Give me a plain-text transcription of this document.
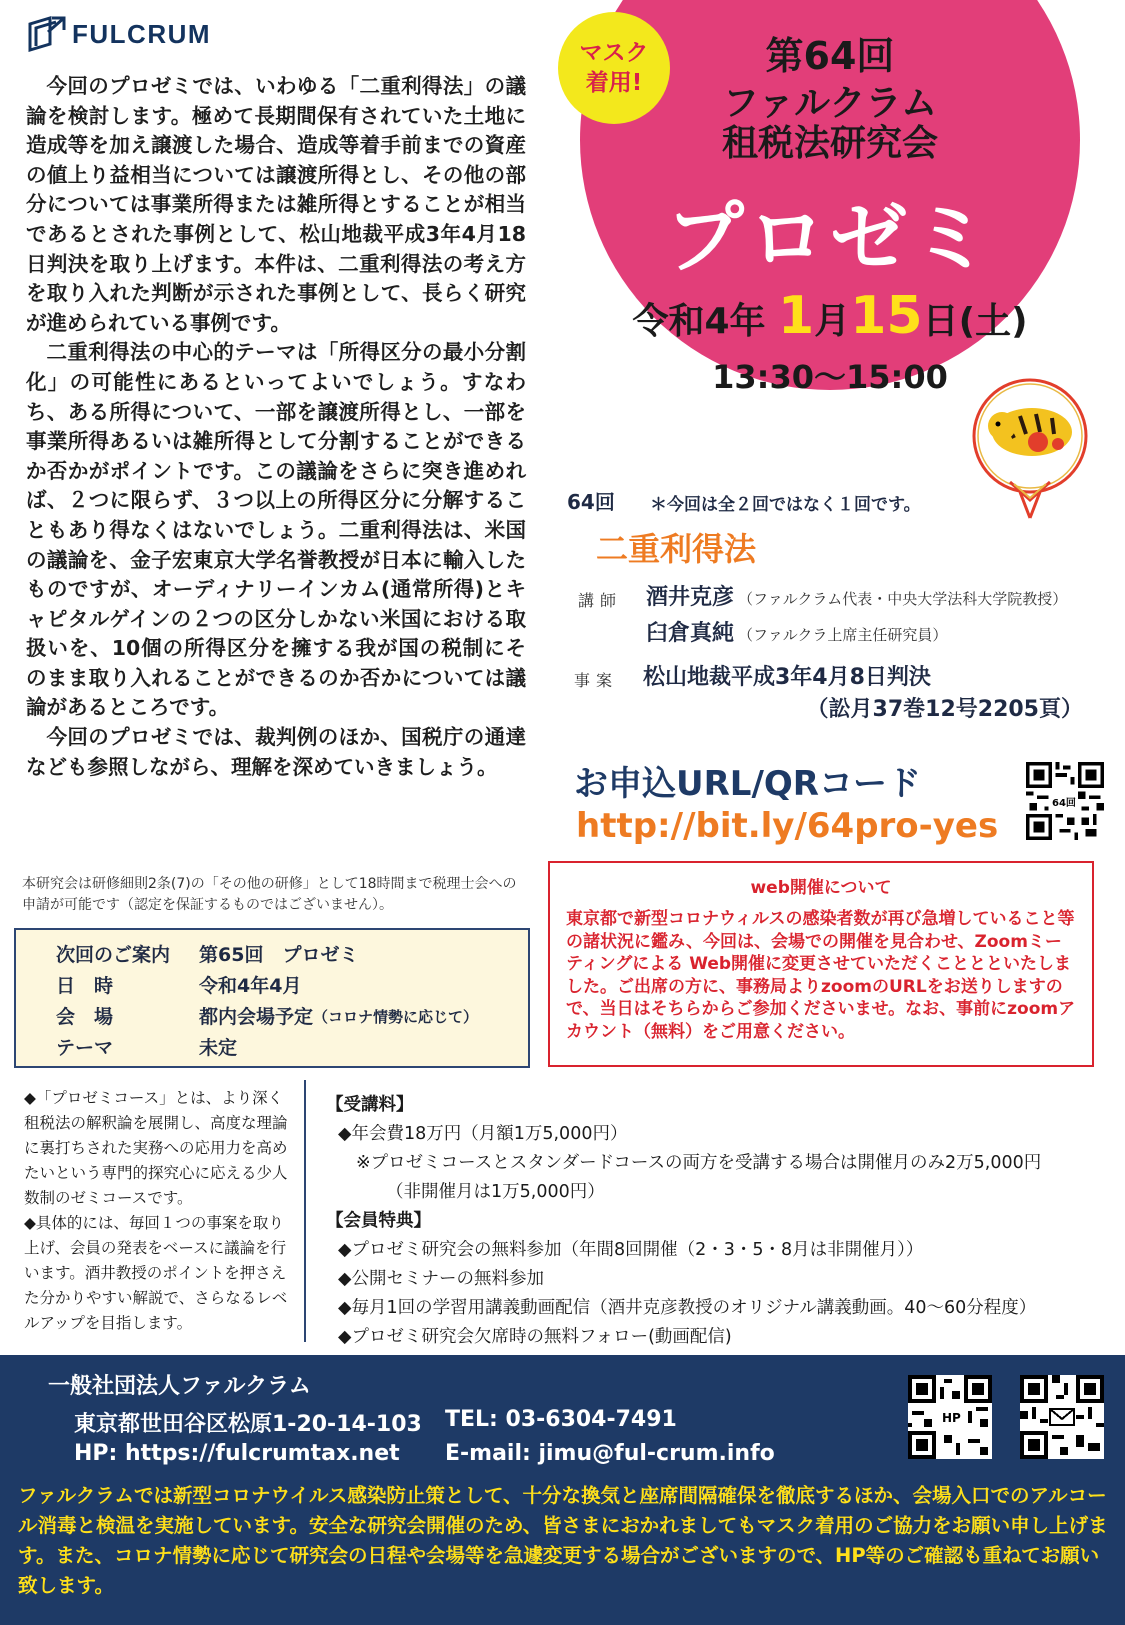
FULCRUM

今回のプロゼミでは、いわゆる「二重利得法」の議論を検討します。極めて長期間保有されていた土地に造成等を加え譲渡した場合、造成等着手前までの資産の値上り益相当については譲渡所得とし、その他の部分については事業所得または雑所得とすることが相当であるとされた事例として、松山地裁平成3年4月18日判決を取り上げます。本件は、二重利得法の考え方を取り入れた判断が示された事例として、長らく研究が進められている事例です。

二重利得法の中心的テーマは「所得区分の最小分割化」の可能性にあるといってよいでしょう。すなわち、ある所得について、一部を譲渡所得とし、一部を事業所得あるいは雑所得として分割することができるか否かがポイントです。この議論をさらに突き進めれば、２つに限らず、３つ以上の所得区分に分解することもあり得なくはないでしょう。二重利得法は、米国の議論を、金子宏東京大学名誉教授が日本に輸入したものですが、オーディナリーインカム(通常所得)とキャピタルゲインの２つの区分しかない米国における取扱いを、10個の所得区分を擁する我が国の税制にそのまま取り入れることができるのか否かについては議論があるところです。

今回のプロゼミでは、裁判例のほか、国税庁の通達なども参照しながら、理解を深めていきましょう。

本研究会は研修細則2条(7)の「その他の研修」として18時間まで税理士会への申請が可能です（認定を保証するものではございません）。
次回のご案内	第65回　プロゼミ
日　時	令和4年4月
会　場	都内会場予定 （コロナ情勢に応じて）
テーマ	未定
第64回
ファルクラム
租税法研究会
プロゼミ
令和4年 1月15日(土)
13:30～15:00
マスク
着用!
64回 ＊今回は全２回ではなく１回です。
二重利得法
講師 酒井克彦 （ファルクラム代表・中央大学法科大学院教授）
臼倉真純 （ファルクラ上席主任研究員）
事案 松山地裁平成3年4月8日判決
（訟月37巻12号2205頁）
お申込URL/QRコード
http://bit.ly/64pro-yes
64回
web開催について
東京都で新型コロナウィルスの感染者数が再び急増していること等の諸状況に鑑み、今回は、会場での開催を見合わせ、Zoomミーティングによる Web開催に変更させていただくこととといたしました。ご出席の方に、事務局よりzoomのURLをお送りしますので、当日はそちらからご参加くださいませ。なお、事前にzoomアカウント（無料）をご用意ください。

◆「プロゼミコース」とは、より深く租税法の解釈論を展開し、高度な理論に裏打ちされた実務への応用力を高めたいという専門的探究心に応える少人数制のゼミコースです。

◆具体的には、毎回１つの事案を取り上げ、会員の発表をベースに議論を行います。酒井教授のポイントを押さえた分かりやすい解説で、さらなるレベルアップを目指します。

【受講料】
◆年会費18万円（月額1万5,000円）
※プロゼミコースとスタンダードコースの両方を受講する場合は開催月のみ2万5,000円
（非開催月は1万5,000円）
【会員特典】
◆プロゼミ研究会の無料参加（年間8回開催（2・3・5・8月は非開催月））
◆公開セミナーの無料参加
◆毎月1回の学習用講義動画配信（酒井克彦教授のオリジナル講義動画。40～60分程度）
◆プロゼミ研究会欠席時の無料フォロー(動画配信)
一般社団法人ファルクラム
東京都世田谷区松原1-20-14-103 TEL: 03-6304-7491
HP: https://fulcrumtax.net E-mail: jimu@ful-crum.info
HP
ファルクラムでは新型コロナウイルス感染防止策として、十分な換気と座席間隔確保を徹底するほか、会場入口でのアルコール消毒と検温を実施しています。安全な研究会開催のため、皆さまにおかれましてもマスク着用のご協力をお願い申し上げます。また、コロナ情勢に応じて研究会の日程や会場等を急遽変更する場合がございますので、HP等のご確認も重ねてお願い致します。
